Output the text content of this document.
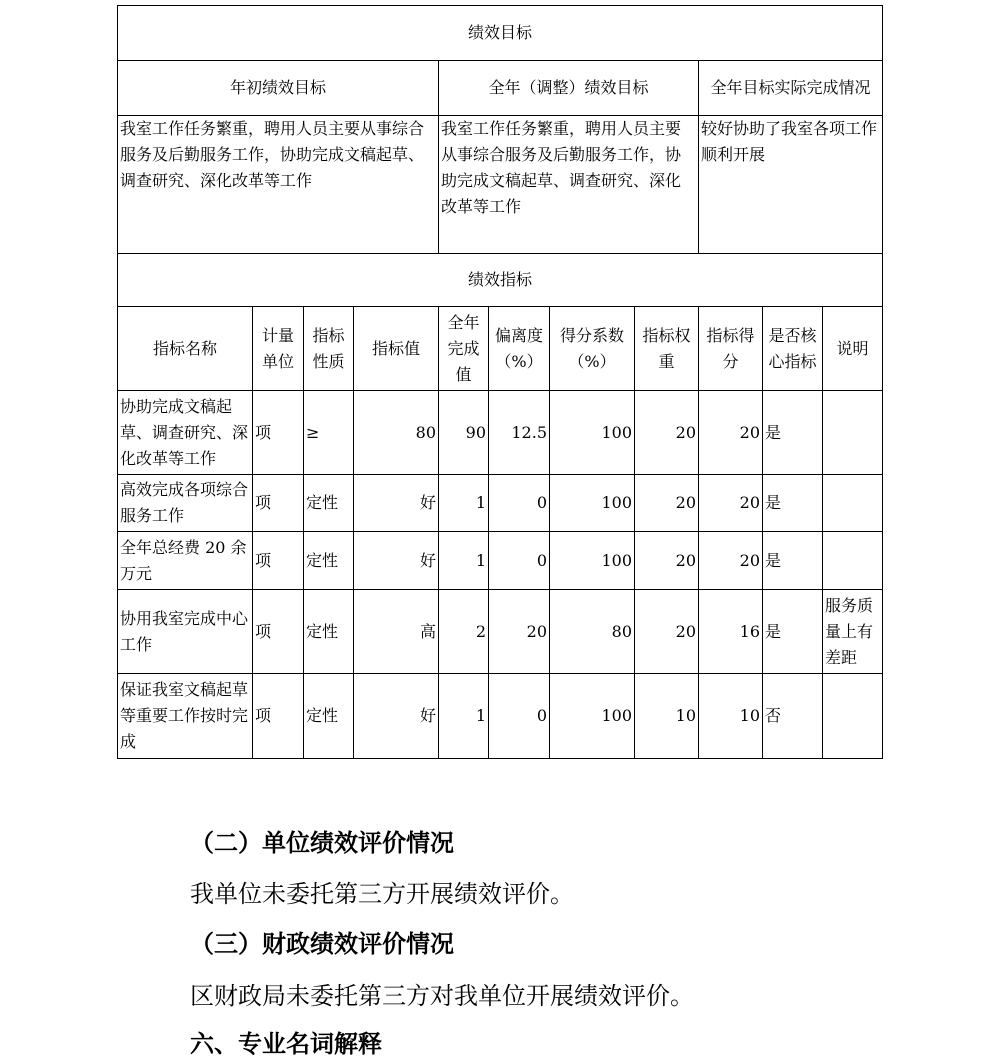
绩效目标										
年初绩效目标				全年（调整）绩效目标				全年目标实际完成情况		
我室工作任务繁重，聘用人员主要从事综合服务及后勤服务工作，协助完成文稿起草、调查研究、深化改革等工作				我室工作任务繁重，聘用人员主要从事综合服务及后勤服务工作，协助完成文稿起草、调查研究、深化改革等工作				较好协助了我室各项工作顺利开展		
绩效指标										
指标名称	计量单位	指标性质	指标值	全年完成值	偏离度（%）	得分系数（%）	指标权重	指标得分	是否核心指标	说明
协助完成文稿起草、调查研究、深化改革等工作	项	≥	80	90	12.5	100	20	20	是	
高效完成各项综合服务工作	项	定性	好	1	0	100	20	20	是	
全年总经费 20 余万元	项	定性	好	1	0	100	20	20	是	
协用我室完成中心工作	项	定性	高	2	20	80	20	16	是	服务质量上有差距
保证我室文稿起草等重要工作按时完成	项	定性	好	1	0	100	10	10	否	
（二）单位绩效评价情况
我单位未委托第三方开展绩效评价。
（三）财政绩效评价情况
区财政局未委托第三方对我单位开展绩效评价。
六、专业名词解释
